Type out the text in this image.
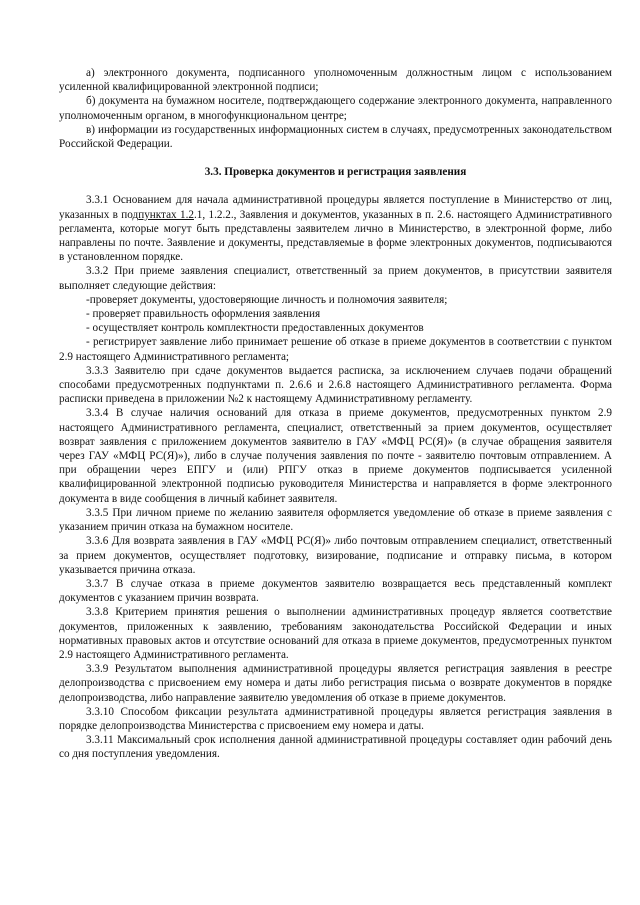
а) электронного документа, подписанного уполномоченным должностным лицом с использованием усиленной квалифицированной электронной подписи;

б) документа на бумажном носителе, подтверждающего содержание электронного документа, направленного уполномоченным органом, в многофункциональном центре;

в) информации из государственных информационных систем в случаях, предусмотренных законодательством Российской Федерации.

3.3. Проверка документов и регистрация заявления

3.3.1 Основанием для начала административной процедуры является поступление в Министерство от лиц, указанных в подпунктах 1.2.1, 1.2.2., Заявления и документов, указанных в п. 2.6. настоящего Административного регламента, которые могут быть представлены заявителем лично в Министерство, в электронной форме, либо направлены по почте. Заявление и документы, представляемые в форме электронных документов, подписываются в установленном порядке.

3.3.2 При приеме заявления специалист, ответственный за прием документов, в присутствии заявителя выполняет следующие действия:

-проверяет документы, удостоверяющие личность и полномочия заявителя;

- проверяет правильность оформления заявления

- осуществляет контроль комплектности предоставленных документов

- регистрирует заявление либо принимает решение об отказе в приеме документов в соответствии с пунктом 2.9 настоящего Административного регламента;

3.3.3 Заявителю при сдаче документов выдается расписка, за исключением случаев подачи обращений способами предусмотренных подпунктами п. 2.6.6 и 2.6.8 настоящего Административного регламента. Форма расписки приведена в приложении №2 к настоящему Административному регламенту.

3.3.4 В случае наличия оснований для отказа в приеме документов, предусмотренных пунктом 2.9 настоящего Административного регламента, специалист, ответственный за прием документов, осуществляет возврат заявления с приложением документов заявителю в ГАУ «МФЦ РС(Я)» (в случае обращения заявителя через ГАУ «МФЦ РС(Я)»), либо в случае получения заявления по почте - заявителю почтовым отправлением. А при обращении через ЕПГУ и (или) РПГУ отказ в приеме документов подписывается усиленной квалифицированной электронной подписью руководителя Министерства и направляется в форме электронного документа в виде сообщения в личный кабинет заявителя.

3.3.5 При личном приеме по желанию заявителя оформляется уведомление об отказе в приеме заявления с указанием причин отказа на бумажном носителе.

3.3.6 Для возврата заявления в ГАУ «МФЦ РС(Я)» либо почтовым отправлением специалист, ответственный за прием документов, осуществляет подготовку, визирование, подписание и отправку письма, в котором указывается причина отказа.

3.3.7 В случае отказа в приеме документов заявителю возвращается весь представленный комплект документов с указанием причин возврата.

3.3.8 Критерием принятия решения о выполнении административных процедур является соответствие документов, приложенных к заявлению, требованиям законодательства Российской Федерации и иных нормативных правовых актов и отсутствие оснований для отказа в приеме документов, предусмотренных пунктом 2.9 настоящего Административного регламента.

3.3.9 Результатом выполнения административной процедуры является регистрация заявления в реестре делопроизводства с присвоением ему номера и даты либо регистрация письма о возврате документов в порядке делопроизводства, либо направление заявителю уведомления об отказе в приеме документов.

3.3.10 Способом фиксации результата административной процедуры является регистрация заявления в порядке делопроизводства Министерства с присвоением ему номера и даты.

3.3.11 Максимальный срок исполнения данной административной процедуры составляет один рабочий день со дня поступления уведомления.
